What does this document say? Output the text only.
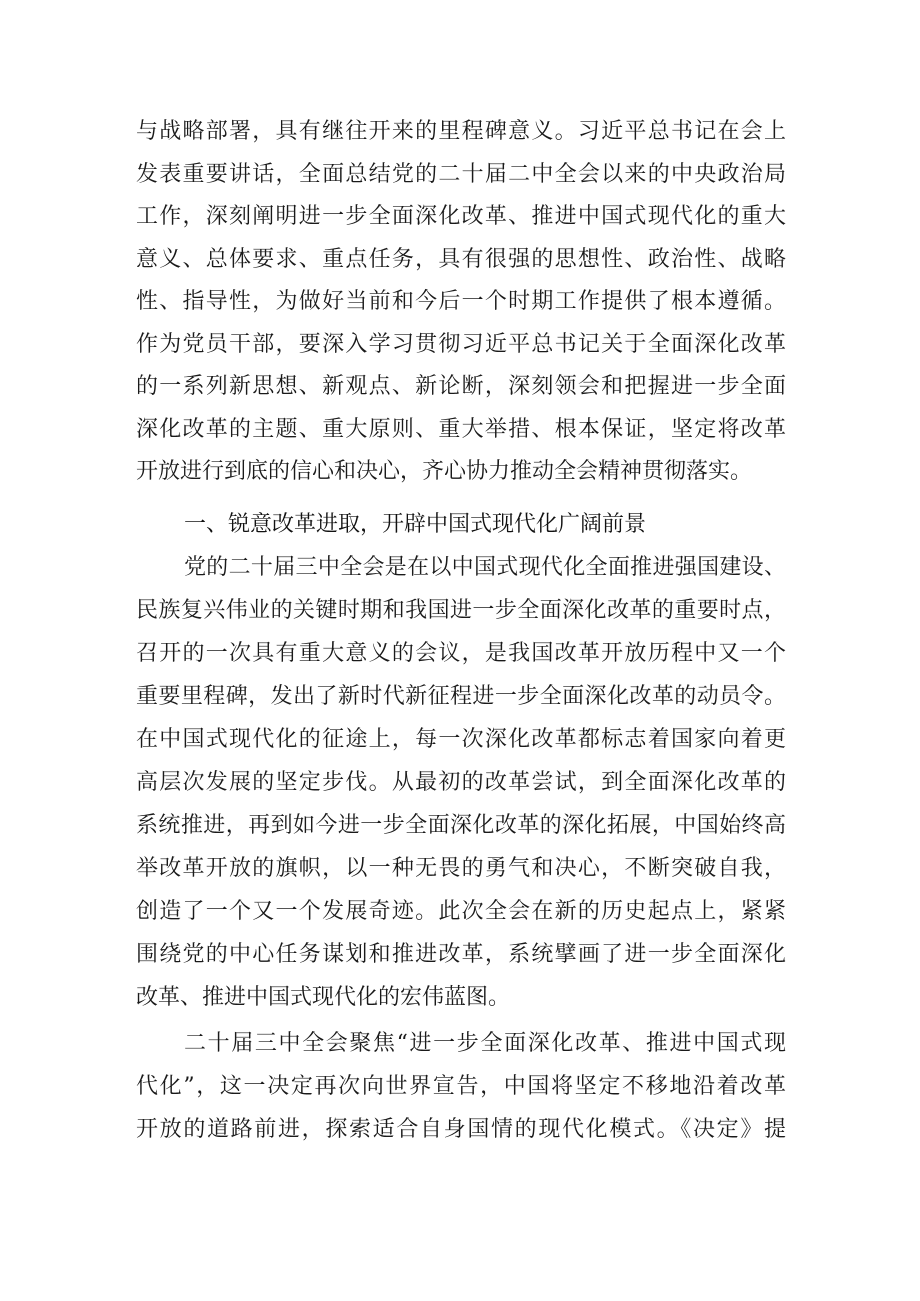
与战略部署，具有继往开来的里程碑意义。习近平总书记在会上
发表重要讲话，全面总结党的二十届二中全会以来的中央政治局
工作，深刻阐明进一步全面深化改革、推进中国式现代化的重大
意义、总体要求、重点任务，具有很强的思想性、政治性、战略
性、指导性，为做好当前和今后一个时期工作提供了根本遵循。
作为党员干部，要深入学习贯彻习近平总书记关于全面深化改革
的一系列新思想、新观点、新论断，深刻领会和把握进一步全面
深化改革的主题、重大原则、重大举措、根本保证，坚定将改革
开放进行到底的信心和决心，齐心协力推动全会精神贯彻落实。
一、锐意改革进取，开辟中国式现代化广阔前景
党的二十届三中全会是在以中国式现代化全面推进强国建设、
民族复兴伟业的关键时期和我国进一步全面深化改革的重要时点，
召开的一次具有重大意义的会议，是我国改革开放历程中又一个
重要里程碑，发出了新时代新征程进一步全面深化改革的动员令。
在中国式现代化的征途上，每一次深化改革都标志着国家向着更
高层次发展的坚定步伐。从最初的改革尝试，到全面深化改革的
系统推进，再到如今进一步全面深化改革的深化拓展，中国始终高
举改革开放的旗帜，以一种无畏的勇气和决心，不断突破自我，
创造了一个又一个发展奇迹。此次全会在新的历史起点上，紧紧
围绕党的中心任务谋划和推进改革，系统擘画了进一步全面深化
改革、推进中国式现代化的宏伟蓝图。
二十届三中全会聚焦“进一步全面深化改革、推进中国式现
代化”，这一决定再次向世界宣告，中国将坚定不移地沿着改革
开放的道路前进，探索适合自身国情的现代化模式。《决定》提
